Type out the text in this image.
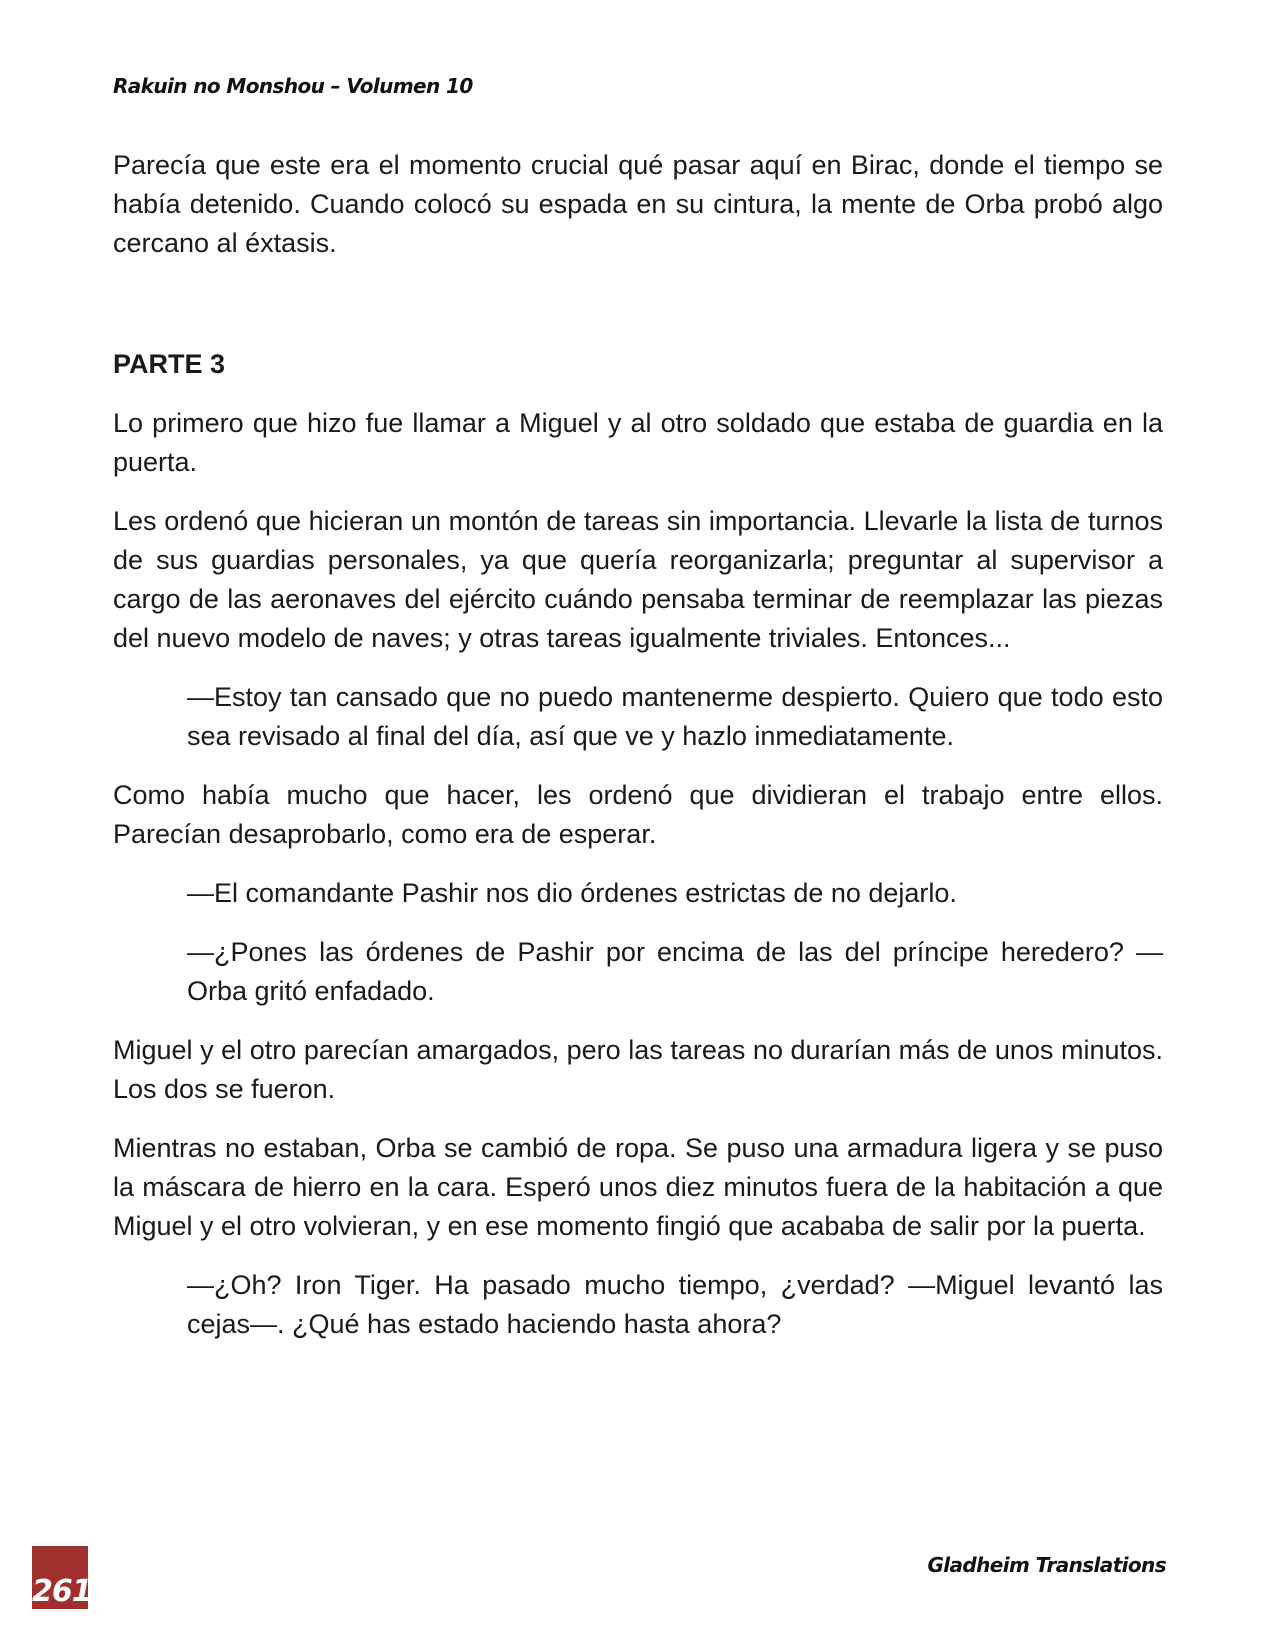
Rakuin no Monshou – Volumen 10

Parecía que este era el momento crucial qué pasar aquí en Birac, donde el tiempo se había detenido. Cuando colocó su espada en su cintura, la mente de Orba probó algo cercano al éxtasis.

PARTE 3

Lo primero que hizo fue llamar a Miguel y al otro soldado que estaba de guardia en la puerta.

Les ordenó que hicieran un montón de tareas sin importancia. Llevarle la lista de turnos de sus guardias personales, ya que quería reorganizarla; preguntar al supervisor a cargo de las aeronaves del ejército cuándo pensaba terminar de reemplazar las piezas del nuevo modelo de naves; y otras tareas igualmente triviales. Entonces...

—Estoy tan cansado que no puedo mantenerme despierto. Quiero que todo esto sea revisado al final del día, así que ve y hazlo inmediatamente.

Como había mucho que hacer, les ordenó que dividieran el trabajo entre ellos. Parecían desaprobarlo, como era de esperar.

—El comandante Pashir nos dio órdenes estrictas de no dejarlo.

—¿Pones las órdenes de Pashir por encima de las del príncipe heredero? —Orba gritó enfadado.

Miguel y el otro parecían amargados, pero las tareas no durarían más de unos minutos. Los dos se fueron.

Mientras no estaban, Orba se cambió de ropa. Se puso una armadura ligera y se puso la máscara de hierro en la cara. Esperó unos diez minutos fuera de la habitación a que Miguel y el otro volvieran, y en ese momento fingió que acababa de salir por la puerta.

—¿Oh? Iron Tiger. Ha pasado mucho tiempo, ¿verdad? —Miguel levantó las cejas—. ¿Qué has estado haciendo hasta ahora?

261
Gladheim Translations
